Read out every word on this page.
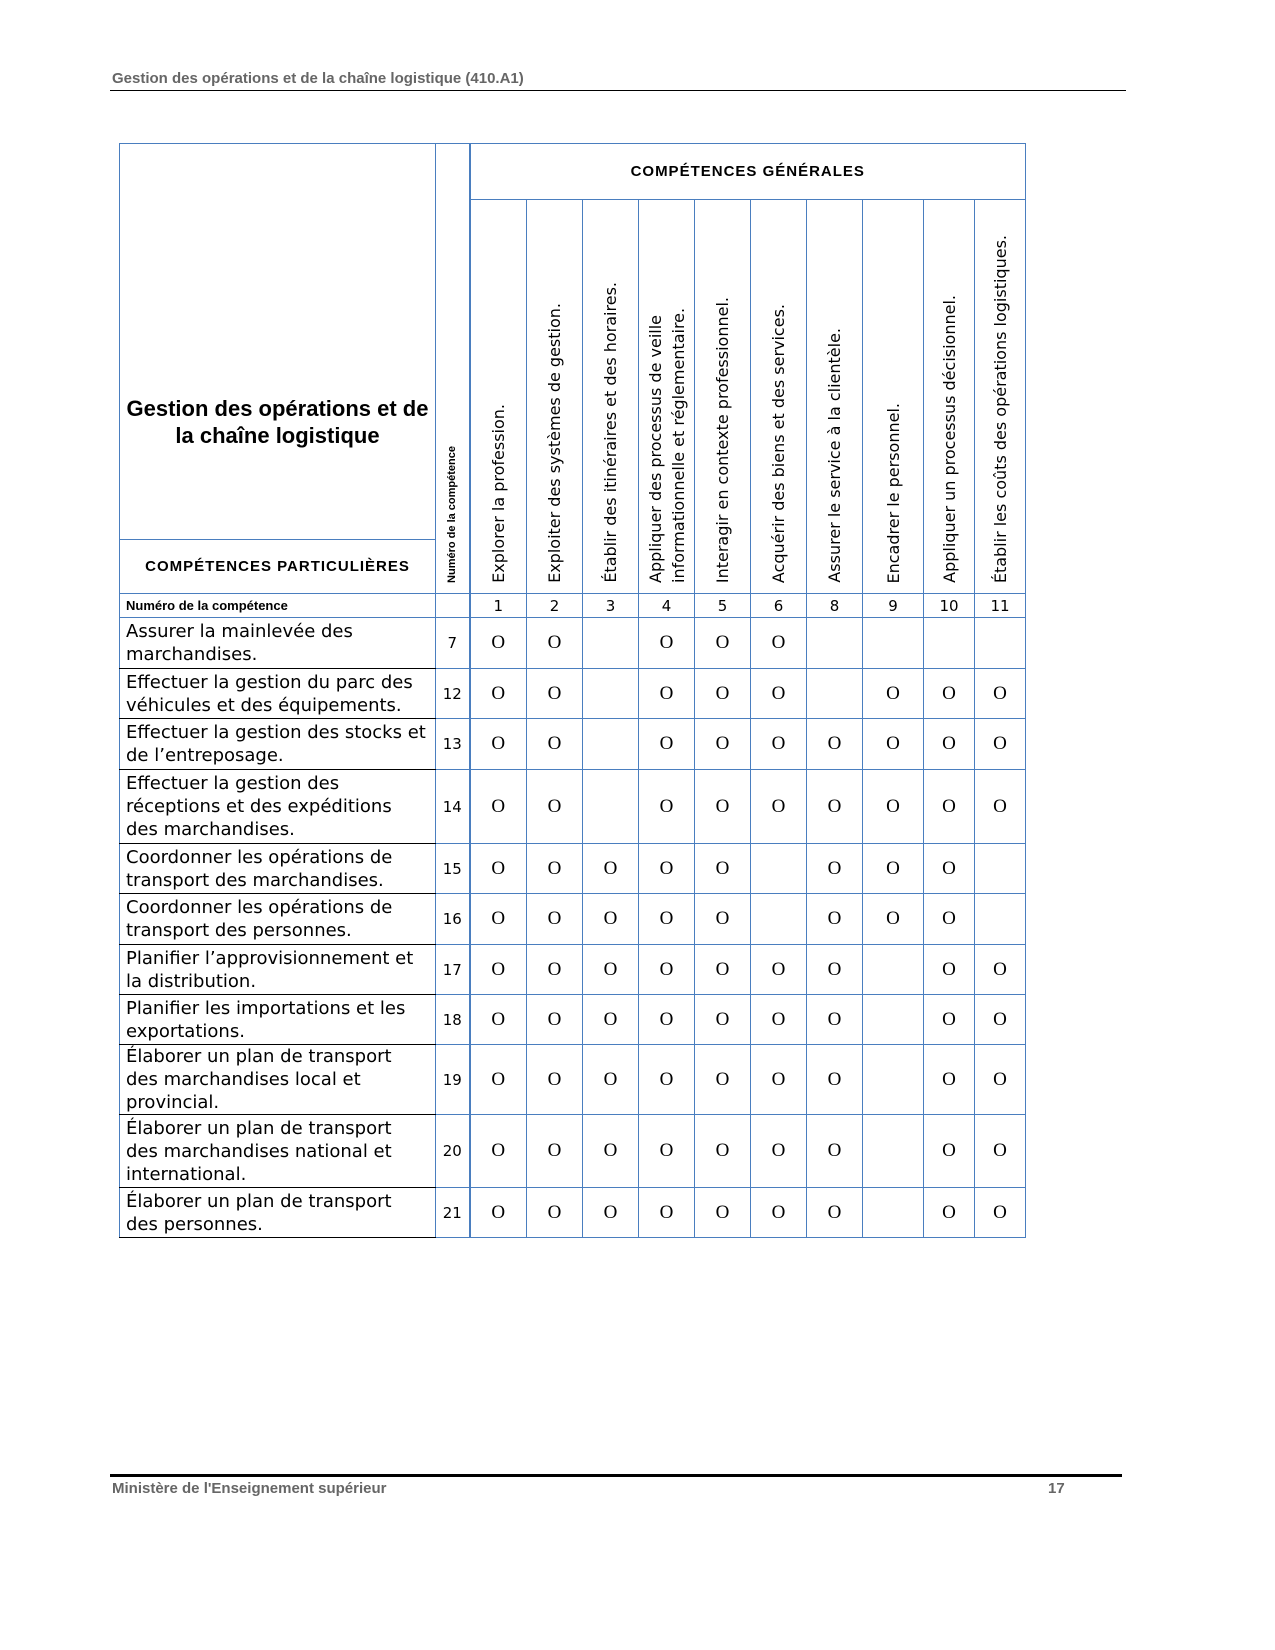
Gestion des opérations et de la chaîne logistique (410.A1)
Gestion des opérations et de la chaîne logistique	Numéro de la compétence	COMPÉTENCES GÉNÉRALES									
		Explorer la profession.	Exploiter des systèmes de gestion.	Établir des itinéraires et des horaires.	Appliquer des processus de veille informationnelle et réglementaire.	Interagir en contexte professionnel.	Acquérir des biens et des services.	Assurer le service à la clientèle.	Encadrer le personnel.	Appliquer un processus décisionnel.	Établir les coûts des opérations logistiques.
COMPÉTENCES PARTICULIÈRES											
Numéro de la compétence		1	2	3	4	5	6	8	9	10	11
Assurer la mainlevée des marchandises.	7	O	O		O	O	O				
Effectuer la gestion du parc des véhicules et des équipements.	12	O	O		O	O	O		O	O	O
Effectuer la gestion des stocks et de l’entreposage.	13	O	O		O	O	O	O	O	O	O
Effectuer la gestion des réceptions et des expéditions des marchandises.	14	O	O		O	O	O	O	O	O	O
Coordonner les opérations de transport des marchandises.	15	O	O	O	O	O		O	O	O	
Coordonner les opérations de transport des personnes.	16	O	O	O	O	O		O	O	O	
Planifier l’approvisionnement et la distribution.	17	O	O	O	O	O	O	O		O	O
Planifier les importations et les exportations.	18	O	O	O	O	O	O	O		O	O
Élaborer un plan de transport des marchandises local et provincial.	19	O	O	O	O	O	O	O		O	O
Élaborer un plan de transport des marchandises national et international.	20	O	O	O	O	O	O	O		O	O
Élaborer un plan de transport des personnes.	21	O	O	O	O	O	O	O		O	O
Ministère de l'Enseignement supérieur	17
